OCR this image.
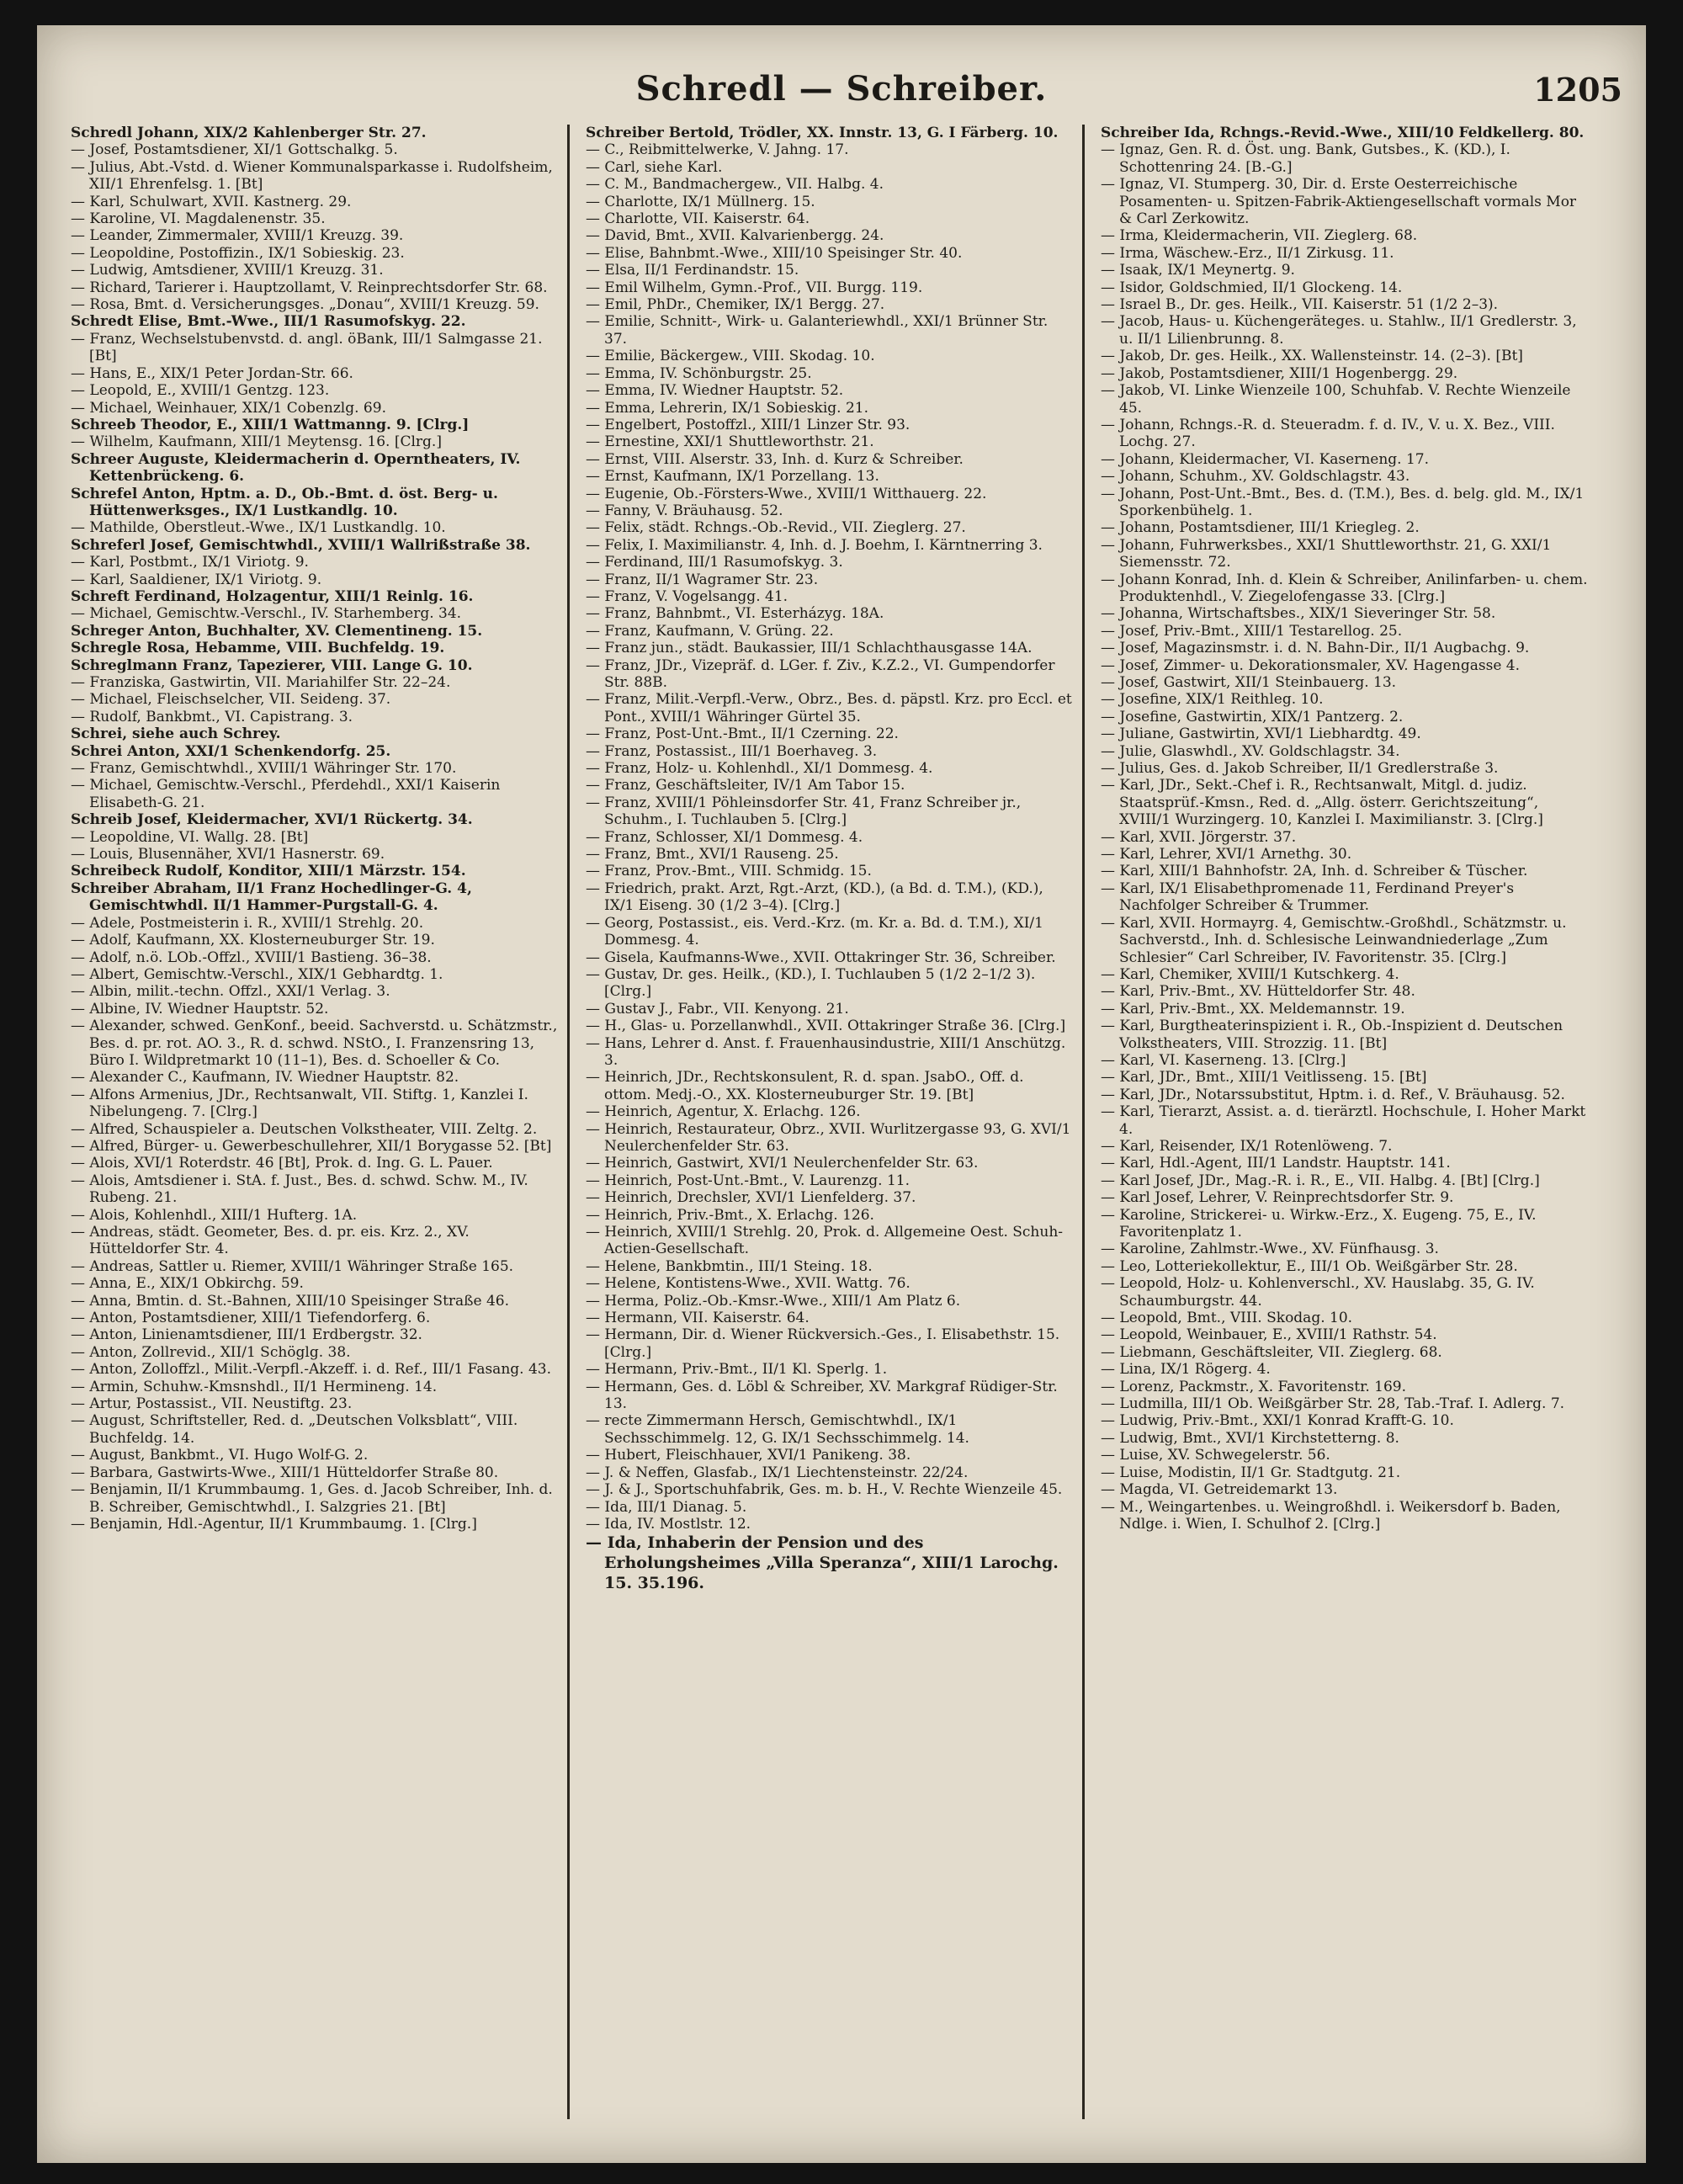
Schredl — Schreiber.	1205

Schredl Johann, XIX/2 Kahlenberger Str. 27.

— Josef, Postamtsdiener, XI/1 Gottschalkg. 5.

— Julius, Abt.-Vstd. d. Wiener Kommunalsparkasse i. Rudolfsheim, XII/1 Ehrenfelsg. 1. [Bt]

— Karl, Schulwart, XVII. Kastnerg. 29.

— Karoline, VI. Magdalenenstr. 35.

— Leander, Zimmermaler, XVIII/1 Kreuzg. 39.

— Leopoldine, Postoffizin., IX/1 Sobieskig. 23.

— Ludwig, Amtsdiener, XVIII/1 Kreuzg. 31.

— Richard, Tarierer i. Hauptzollamt, V. Reinprechtsdorfer Str. 68.

— Rosa, Bmt. d. Versicherungsges. „Donau“, XVIII/1 Kreuzg. 59.

Schredt Elise, Bmt.-Wwe., III/1 Rasumofskyg. 22.

— Franz, Wechselstubenvstd. d. angl. öBank, III/1 Salmgasse 21. [Bt]

— Hans, E., XIX/1 Peter Jordan-Str. 66.

— Leopold, E., XVIII/1 Gentzg. 123.

— Michael, Weinhauer, XIX/1 Cobenzlg. 69.

Schreeb Theodor, E., XIII/1 Wattmanng. 9. [Clrg.]

— Wilhelm, Kaufmann, XIII/1 Meytensg. 16. [Clrg.]

Schreer Auguste, Kleidermacherin d. Operntheaters, IV. Kettenbrückeng. 6.

Schrefel Anton, Hptm. a. D., Ob.-Bmt. d. öst. Berg- u. Hüttenwerksges., IX/1 Lustkandlg. 10.

— Mathilde, Oberstleut.-Wwe., IX/1 Lustkandlg. 10.

Schreferl Josef, Gemischtwhdl., XVIII/1 Wallrißstraße 38.

— Karl, Postbmt., IX/1 Viriotg. 9.

— Karl, Saaldiener, IX/1 Viriotg. 9.

Schreft Ferdinand, Holzagentur, XIII/1 Reinlg. 16.

— Michael, Gemischtw.-Verschl., IV. Starhemberg. 34.

Schreger Anton, Buchhalter, XV. Clementineng. 15.

Schregle Rosa, Hebamme, VIII. Buchfeldg. 19.

Schreglmann Franz, Tapezierer, VIII. Lange G. 10.

— Franziska, Gastwirtin, VII. Mariahilfer Str. 22–24.

— Michael, Fleischselcher, VII. Seideng. 37.

— Rudolf, Bankbmt., VI. Capistrang. 3.

Schrei, siehe auch Schrey.

Schrei Anton, XXI/1 Schenkendorfg. 25.

— Franz, Gemischtwhdl., XVIII/1 Währinger Str. 170.

— Michael, Gemischtw.-Verschl., Pferdehdl., XXI/1 Kaiserin Elisabeth-G. 21.

Schreib Josef, Kleidermacher, XVI/1 Rückertg. 34.

— Leopoldine, VI. Wallg. 28. [Bt]

— Louis, Blusennäher, XVI/1 Hasnerstr. 69.

Schreibeck Rudolf, Konditor, XIII/1 Märzstr. 154.

Schreiber Abraham, II/1 Franz Hochedlinger-G. 4, Gemischtwhdl. II/1 Hammer-Purgstall-G. 4.

— Adele, Postmeisterin i. R., XVIII/1 Strehlg. 20.

— Adolf, Kaufmann, XX. Klosterneuburger Str. 19.

— Adolf, n.ö. LOb.-Offzl., XVIII/1 Bastieng. 36–38.

— Albert, Gemischtw.-Verschl., XIX/1 Gebhardtg. 1.

— Albin, milit.-techn. Offzl., XXI/1 Verlag. 3.

— Albine, IV. Wiedner Hauptstr. 52.

— Alexander, schwed. GenKonf., beeid. Sachverstd. u. Schätzmstr., Bes. d. pr. rot. AO. 3., R. d. schwd. NStO., I. Franzensring 13, Büro I. Wildpretmarkt 10 (11–1), Bes. d. Schoeller & Co.

— Alexander C., Kaufmann, IV. Wiedner Hauptstr. 82.

— Alfons Armenius, JDr., Rechtsanwalt, VII. Stiftg. 1, Kanzlei I. Nibelungeng. 7. [Clrg.]

— Alfred, Schauspieler a. Deutschen Volkstheater, VIII. Zeltg. 2.

— Alfred, Bürger- u. Gewerbeschullehrer, XII/1 Borygasse 52. [Bt]

— Alois, XVI/1 Roterdstr. 46 [Bt], Prok. d. Ing. G. L. Pauer.

— Alois, Amtsdiener i. StA. f. Just., Bes. d. schwd. Schw. M., IV. Rubeng. 21.

— Alois, Kohlenhdl., XIII/1 Hufterg. 1A.

— Andreas, städt. Geometer, Bes. d. pr. eis. Krz. 2., XV. Hütteldorfer Str. 4.

— Andreas, Sattler u. Riemer, XVIII/1 Währinger Straße 165.

— Anna, E., XIX/1 Obkirchg. 59.

— Anna, Bmtin. d. St.-Bahnen, XIII/10 Speisinger Straße 46.

— Anton, Postamtsdiener, XIII/1 Tiefendorferg. 6.

— Anton, Linienamtsdiener, III/1 Erdbergstr. 32.

— Anton, Zollrevid., XII/1 Schöglg. 38.

— Anton, Zolloffzl., Milit.-Verpfl.-Akzeff. i. d. Ref., III/1 Fasang. 43.

— Armin, Schuhw.-Kmsnshdl., II/1 Hermineng. 14.

— Artur, Postassist., VII. Neustiftg. 23.

— August, Schriftsteller, Red. d. „Deutschen Volksblatt“, VIII. Buchfeldg. 14.

— August, Bankbmt., VI. Hugo Wolf-G. 2.

— Barbara, Gastwirts-Wwe., XIII/1 Hütteldorfer Straße 80.

— Benjamin, II/1 Krummbaumg. 1, Ges. d. Jacob Schreiber, Inh. d. B. Schreiber, Gemischtwhdl., I. Salzgries 21. [Bt]

— Benjamin, Hdl.-Agentur, II/1 Krummbaumg. 1. [Clrg.]

Schreiber Bertold, Trödler, XX. Innstr. 13, G. I Färberg. 10.

— C., Reibmittelwerke, V. Jahng. 17.

— Carl, siehe Karl.

— C. M., Bandmachergew., VII. Halbg. 4.

— Charlotte, IX/1 Müllnerg. 15.

— Charlotte, VII. Kaiserstr. 64.

— David, Bmt., XVII. Kalvarienbergg. 24.

— Elise, Bahnbmt.-Wwe., XIII/10 Speisinger Str. 40.

— Elsa, II/1 Ferdinandstr. 15.

— Emil Wilhelm, Gymn.-Prof., VII. Burgg. 119.

— Emil, PhDr., Chemiker, IX/1 Bergg. 27.

— Emilie, Schnitt-, Wirk- u. Galanteriewhdl., XXI/1 Brünner Str. 37.

— Emilie, Bäckergew., VIII. Skodag. 10.

— Emma, IV. Schönburgstr. 25.

— Emma, IV. Wiedner Hauptstr. 52.

— Emma, Lehrerin, IX/1 Sobieskig. 21.

— Engelbert, Postoffzl., XIII/1 Linzer Str. 93.

— Ernestine, XXI/1 Shuttleworthstr. 21.

— Ernst, VIII. Alserstr. 33, Inh. d. Kurz & Schreiber.

— Ernst, Kaufmann, IX/1 Porzellang. 13.

— Eugenie, Ob.-Försters-Wwe., XVIII/1 Witthauerg. 22.

— Fanny, V. Bräuhausg. 52.

— Felix, städt. Rchngs.-Ob.-Revid., VII. Zieglerg. 27.

— Felix, I. Maximilianstr. 4, Inh. d. J. Boehm, I. Kärntnerring 3.

— Ferdinand, III/1 Rasumofskyg. 3.

— Franz, II/1 Wagramer Str. 23.

— Franz, V. Vogelsangg. 41.

— Franz, Bahnbmt., VI. Esterházyg. 18A.

— Franz, Kaufmann, V. Grüng. 22.

— Franz jun., städt. Baukassier, III/1 Schlachthausgasse 14A.

— Franz, JDr., Vizepräf. d. LGer. f. Ziv., K.Z.2., VI. Gumpendorfer Str. 88B.

— Franz, Milit.-Verpfl.-Verw., Obrz., Bes. d. päpstl. Krz. pro Eccl. et Pont., XVIII/1 Währinger Gürtel 35.

— Franz, Post-Unt.-Bmt., II/1 Czerning. 22.

— Franz, Postassist., III/1 Boerhaveg. 3.

— Franz, Holz- u. Kohlenhdl., XI/1 Dommesg. 4.

— Franz, Geschäftsleiter, IV/1 Am Tabor 15.

— Franz, XVIII/1 Pöhleinsdorfer Str. 41, Franz Schreiber jr., Schuhm., I. Tuchlauben 5. [Clrg.]

— Franz, Schlosser, XI/1 Dommesg. 4.

— Franz, Bmt., XVI/1 Rauseng. 25.

— Franz, Prov.-Bmt., VIII. Schmidg. 15.

— Friedrich, prakt. Arzt, Rgt.-Arzt, (KD.), (a Bd. d. T.M.), (KD.), IX/1 Eiseng. 30 (1/2 3–4). [Clrg.]

— Georg, Postassist., eis. Verd.-Krz. (m. Kr. a. Bd. d. T.M.), XI/1 Dommesg. 4.

— Gisela, Kaufmanns-Wwe., XVII. Ottakringer Str. 36, Schreiber.

— Gustav, Dr. ges. Heilk., (KD.), I. Tuchlauben 5 (1/2 2–1/2 3). [Clrg.]

— Gustav J., Fabr., VII. Kenyong. 21.

— H., Glas- u. Porzellanwhdl., XVII. Ottakringer Straße 36. [Clrg.]

— Hans, Lehrer d. Anst. f. Frauenhausindustrie, XIII/1 Anschützg. 3.

— Heinrich, JDr., Rechtskonsulent, R. d. span. JsabO., Off. d. ottom. Medj.-O., XX. Klosterneuburger Str. 19. [Bt]

— Heinrich, Agentur, X. Erlachg. 126.

— Heinrich, Restaurateur, Obrz., XVII. Wurlitzergasse 93, G. XVI/1 Neulerchenfelder Str. 63.

— Heinrich, Gastwirt, XVI/1 Neulerchenfelder Str. 63.

— Heinrich, Post-Unt.-Bmt., V. Laurenzg. 11.

— Heinrich, Drechsler, XVI/1 Lienfelderg. 37.

— Heinrich, Priv.-Bmt., X. Erlachg. 126.

— Heinrich, XVIII/1 Strehlg. 20, Prok. d. Allgemeine Oest. Schuh-Actien-Gesellschaft.

— Helene, Bankbmtin., III/1 Steing. 18.

— Helene, Kontistens-Wwe., XVII. Wattg. 76.

— Herma, Poliz.-Ob.-Kmsr.-Wwe., XIII/1 Am Platz 6.

— Hermann, VII. Kaiserstr. 64.

— Hermann, Dir. d. Wiener Rückversich.-Ges., I. Elisabethstr. 15. [Clrg.]

— Hermann, Priv.-Bmt., II/1 Kl. Sperlg. 1.

— Hermann, Ges. d. Löbl & Schreiber, XV. Markgraf Rüdiger-Str. 13.

— recte Zimmermann Hersch, Gemischtwhdl., IX/1 Sechsschimmelg. 12, G. IX/1 Sechsschimmelg. 14.

— Hubert, Fleischhauer, XVI/1 Panikeng. 38.

— J. & Neffen, Glasfab., IX/1 Liechtensteinstr. 22/24.

— J. & J., Sportschuhfabrik, Ges. m. b. H., V. Rechte Wienzeile 45.

— Ida, III/1 Dianag. 5.

— Ida, IV. Mostlstr. 12.

— Ida, Inhaberin der Pension und des Erholungsheimes „Villa Speranza“, XIII/1 Larochg. 15. 35.196.

Schreiber Ida, Rchngs.-Revid.-Wwe., XIII/10 Feldkellerg. 80.

— Ignaz, Gen. R. d. Öst. ung. Bank, Gutsbes., K. (KD.), I. Schottenring 24. [B.-G.]

— Ignaz, VI. Stumperg. 30, Dir. d. Erste Oesterreichische Posamenten- u. Spitzen-Fabrik-Aktiengesellschaft vormals Mor & Carl Zerkowitz.

— Irma, Kleidermacherin, VII. Zieglerg. 68.

— Irma, Wäschew.-Erz., II/1 Zirkusg. 11.

— Isaak, IX/1 Meynertg. 9.

— Isidor, Goldschmied, II/1 Glockeng. 14.

— Israel B., Dr. ges. Heilk., VII. Kaiserstr. 51 (1/2 2–3).

— Jacob, Haus- u. Küchengeräteges. u. Stahlw., II/1 Gredlerstr. 3, u. II/1 Lilienbrunng. 8.

— Jakob, Dr. ges. Heilk., XX. Wallensteinstr. 14. (2–3). [Bt]

— Jakob, Postamtsdiener, XIII/1 Hogenbergg. 29.

— Jakob, VI. Linke Wienzeile 100, Schuhfab. V. Rechte Wienzeile 45.

— Johann, Rchngs.-R. d. Steueradm. f. d. IV., V. u. X. Bez., VIII. Lochg. 27.

— Johann, Kleidermacher, VI. Kaserneng. 17.

— Johann, Schuhm., XV. Goldschlagstr. 43.

— Johann, Post-Unt.-Bmt., Bes. d. (T.M.), Bes. d. belg. gld. M., IX/1 Sporkenbühelg. 1.

— Johann, Postamtsdiener, III/1 Kriegleg. 2.

— Johann, Fuhrwerksbes., XXI/1 Shuttleworthstr. 21, G. XXI/1 Siemensstr. 72.

— Johann Konrad, Inh. d. Klein & Schreiber, Anilinfarben- u. chem. Produktenhdl., V. Ziegelofengasse 33. [Clrg.]

— Johanna, Wirtschaftsbes., XIX/1 Sieveringer Str. 58.

— Josef, Priv.-Bmt., XIII/1 Testarellog. 25.

— Josef, Magazinsmstr. i. d. N. Bahn-Dir., II/1 Augbachg. 9.

— Josef, Zimmer- u. Dekorationsmaler, XV. Hagengasse 4.

— Josef, Gastwirt, XII/1 Steinbauerg. 13.

— Josefine, XIX/1 Reithleg. 10.

— Josefine, Gastwirtin, XIX/1 Pantzerg. 2.

— Juliane, Gastwirtin, XVI/1 Liebhardtg. 49.

— Julie, Glaswhdl., XV. Goldschlagstr. 34.

— Julius, Ges. d. Jakob Schreiber, II/1 Gredlerstraße 3.

— Karl, JDr., Sekt.-Chef i. R., Rechtsanwalt, Mitgl. d. judiz. Staatsprüf.-Kmsn., Red. d. „Allg. österr. Gerichtszeitung“, XVIII/1 Wurzingerg. 10, Kanzlei I. Maximilianstr. 3. [Clrg.]

— Karl, XVII. Jörgerstr. 37.

— Karl, Lehrer, XVI/1 Arnethg. 30.

— Karl, XIII/1 Bahnhofstr. 2A, Inh. d. Schreiber & Tüscher.

— Karl, IX/1 Elisabethpromenade 11, Ferdinand Preyer's Nachfolger Schreiber & Trummer.

— Karl, XVII. Hormayrg. 4, Gemischtw.-Großhdl., Schätzmstr. u. Sachverstd., Inh. d. Schlesische Leinwandniederlage „Zum Schlesier“ Carl Schreiber, IV. Favoritenstr. 35. [Clrg.]

— Karl, Chemiker, XVIII/1 Kutschkerg. 4.

— Karl, Priv.-Bmt., XV. Hütteldorfer Str. 48.

— Karl, Priv.-Bmt., XX. Meldemannstr. 19.

— Karl, Burgtheaterinspizient i. R., Ob.-Inspizient d. Deutschen Volkstheaters, VIII. Strozzig. 11. [Bt]

— Karl, VI. Kaserneng. 13. [Clrg.]

— Karl, JDr., Bmt., XIII/1 Veitlisseng. 15. [Bt]

— Karl, JDr., Notarssubstitut, Hptm. i. d. Ref., V. Bräuhausg. 52.

— Karl, Tierarzt, Assist. a. d. tierärztl. Hochschule, I. Hoher Markt 4.

— Karl, Reisender, IX/1 Rotenlöweng. 7.

— Karl, Hdl.-Agent, III/1 Landstr. Hauptstr. 141.

— Karl Josef, JDr., Mag.-R. i. R., E., VII. Halbg. 4. [Bt] [Clrg.]

— Karl Josef, Lehrer, V. Reinprechtsdorfer Str. 9.

— Karoline, Strickerei- u. Wirkw.-Erz., X. Eugeng. 75, E., IV. Favoritenplatz 1.

— Karoline, Zahlmstr.-Wwe., XV. Fünfhausg. 3.

— Leo, Lotteriekollektur, E., III/1 Ob. Weißgärber Str. 28.

— Leopold, Holz- u. Kohlenverschl., XV. Hauslabg. 35, G. IV. Schaumburgstr. 44.

— Leopold, Bmt., VIII. Skodag. 10.

— Leopold, Weinbauer, E., XVIII/1 Rathstr. 54.

— Liebmann, Geschäftsleiter, VII. Zieglerg. 68.

— Lina, IX/1 Rögerg. 4.

— Lorenz, Packmstr., X. Favoritenstr. 169.

— Ludmilla, III/1 Ob. Weißgärber Str. 28, Tab.-Traf. I. Adlerg. 7.

— Ludwig, Priv.-Bmt., XXI/1 Konrad Krafft-G. 10.

— Ludwig, Bmt., XVI/1 Kirchstetterng. 8.

— Luise, XV. Schwegelerstr. 56.

— Luise, Modistin, II/1 Gr. Stadtgutg. 21.

— Magda, VI. Getreidemarkt 13.

— M., Weingartenbes. u. Weingroßhdl. i. Weikersdorf b. Baden, Ndlge. i. Wien, I. Schulhof 2. [Clrg.]
